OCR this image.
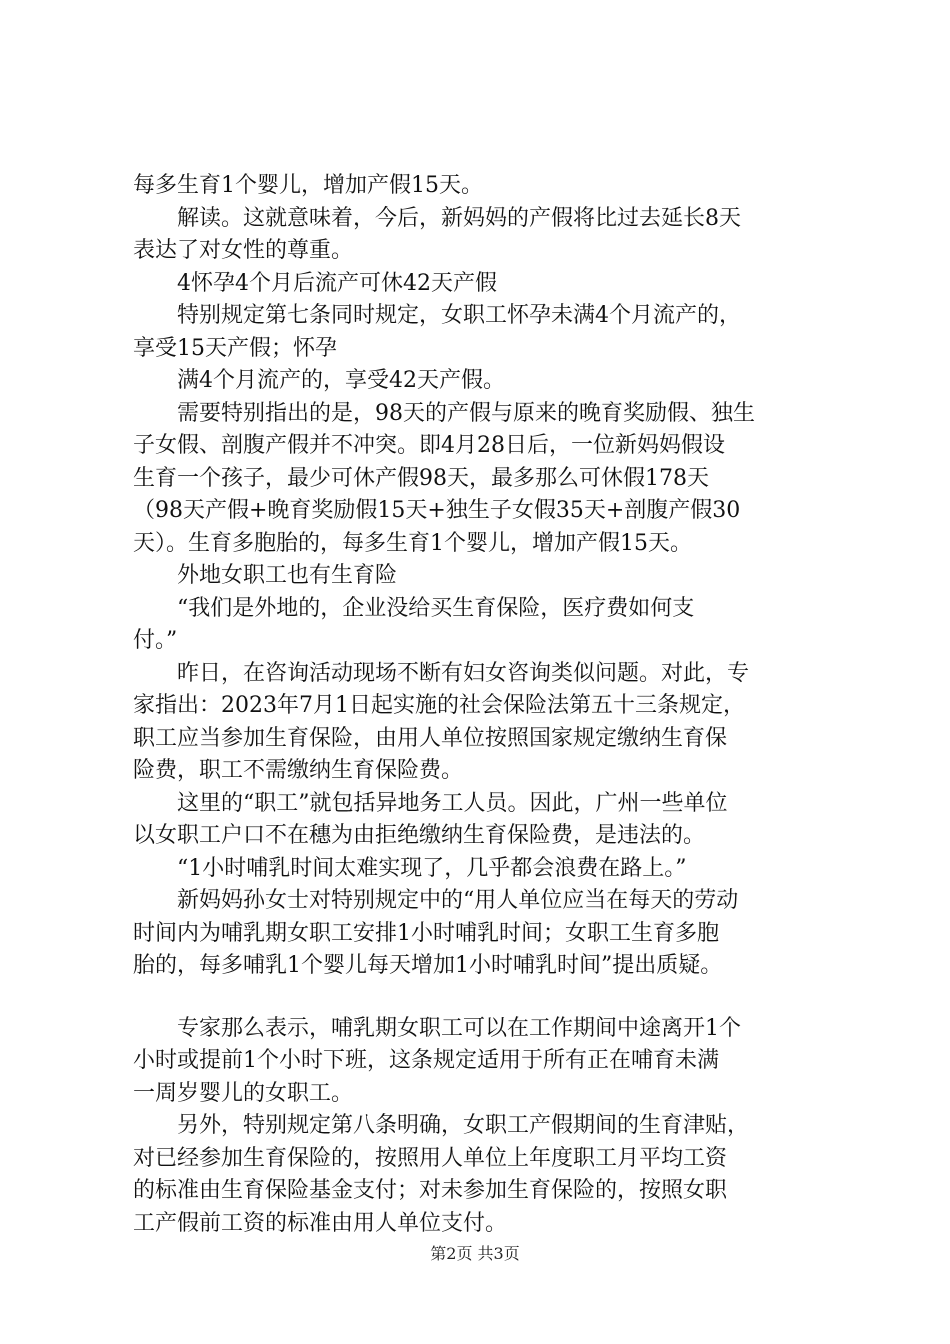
每多生育1个婴儿，增加产假15天。
解读。这就意味着，今后，新妈妈的产假将比过去延长8天
表达了对女性的尊重。
4怀孕4个月后流产可休42天产假
特别规定第七条同时规定，女职工怀孕未满4个月流产的，
享受15天产假；怀孕
满4个月流产的，享受42天产假。
需要特别指出的是，98天的产假与原来的晚育奖励假、独生
子女假、剖腹产假并不冲突。即4月28日后，一位新妈妈假设
生育一个孩子，最少可休产假98天，最多那么可休假178天
（98天产假+晚育奖励假15天+独生子女假35天+剖腹产假30
天）。生育多胞胎的，每多生育1个婴儿，增加产假15天。
外地女职工也有生育险
“我们是外地的，企业没给买生育保险，医疗费如何支
付。”
昨日，在咨询活动现场不断有妇女咨询类似问题。对此，专
家指出：2023年7月1日起实施的社会保险法第五十三条规定，
职工应当参加生育保险，由用人单位按照国家规定缴纳生育保
险费，职工不需缴纳生育保险费。
这里的“职工”就包括异地务工人员。因此，广州一些单位
以女职工户口不在穗为由拒绝缴纳生育保险费，是违法的。
“1小时哺乳时间太难实现了，几乎都会浪费在路上。”
新妈妈孙女士对特别规定中的“用人单位应当在每天的劳动
时间内为哺乳期女职工安排1小时哺乳时间；女职工生育多胞
胎的，每多哺乳1个婴儿每天增加1小时哺乳时间”提出质疑。
专家那么表示，哺乳期女职工可以在工作期间中途离开1个
小时或提前1个小时下班，这条规定适用于所有正在哺育未满
一周岁婴儿的女职工。
另外，特别规定第八条明确，女职工产假期间的生育津贴，
对已经参加生育保险的，按照用人单位上年度职工月平均工资
的标准由生育保险基金支付；对未参加生育保险的，按照女职
工产假前工资的标准由用人单位支付。
第2页 共3页
